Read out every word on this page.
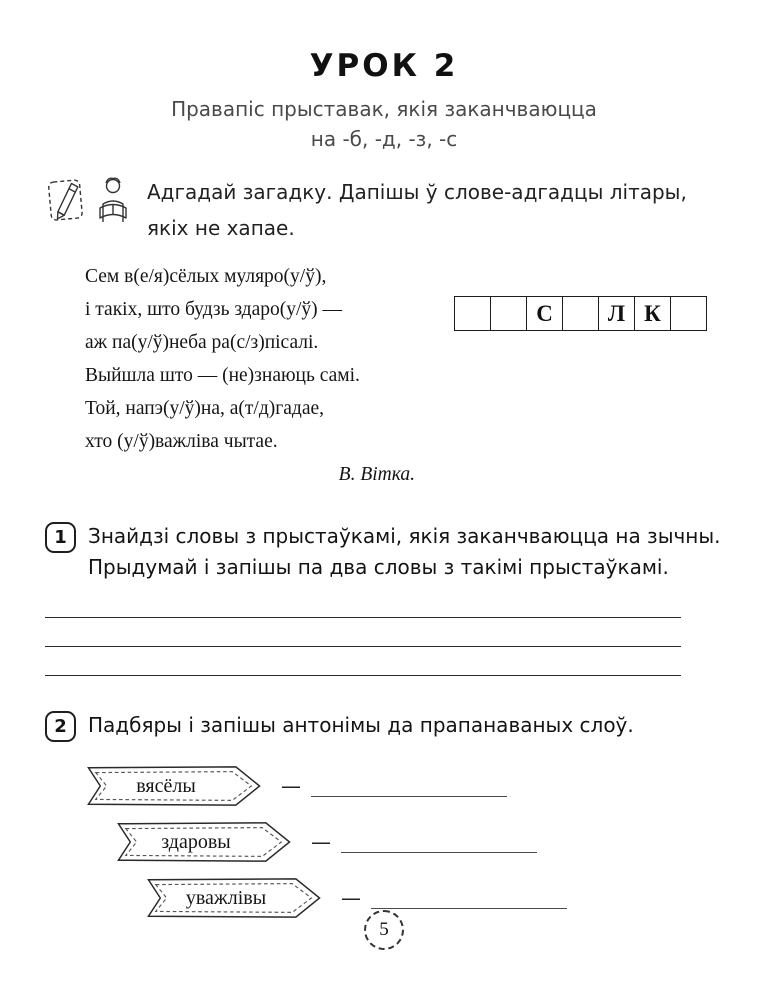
УРОК 2
Правапіс прыставак, якія заканчваюцца
на -б, -д, -з, -с
Адгадай загадку. Дапішы ў слове-адгадцы літары, якіх не хапае.
Сем в(е/я)сёлых муляро(у/ў),
і такіх, што будзь здаро(у/ў) —
аж па(у/ў)неба ра(с/з)пісалі.
Выйшла што — (не)знаюць самі.
Той, напэ(у/ў)на, а(т/д)гадае,
хто (у/ў)важліва чытае.
В. Вітка.
		С		Л	К	
1	Знайдзі словы з прыстаўкамі, якія заканчваюцца на зычны. Прыдумай і запішы па два словы з такімі прыстаўкамі.
2	Падбяры і запішы антонімы да прапанаваных слоў.
вясёлы	—
здаровы	—
уважлівы	—
5
